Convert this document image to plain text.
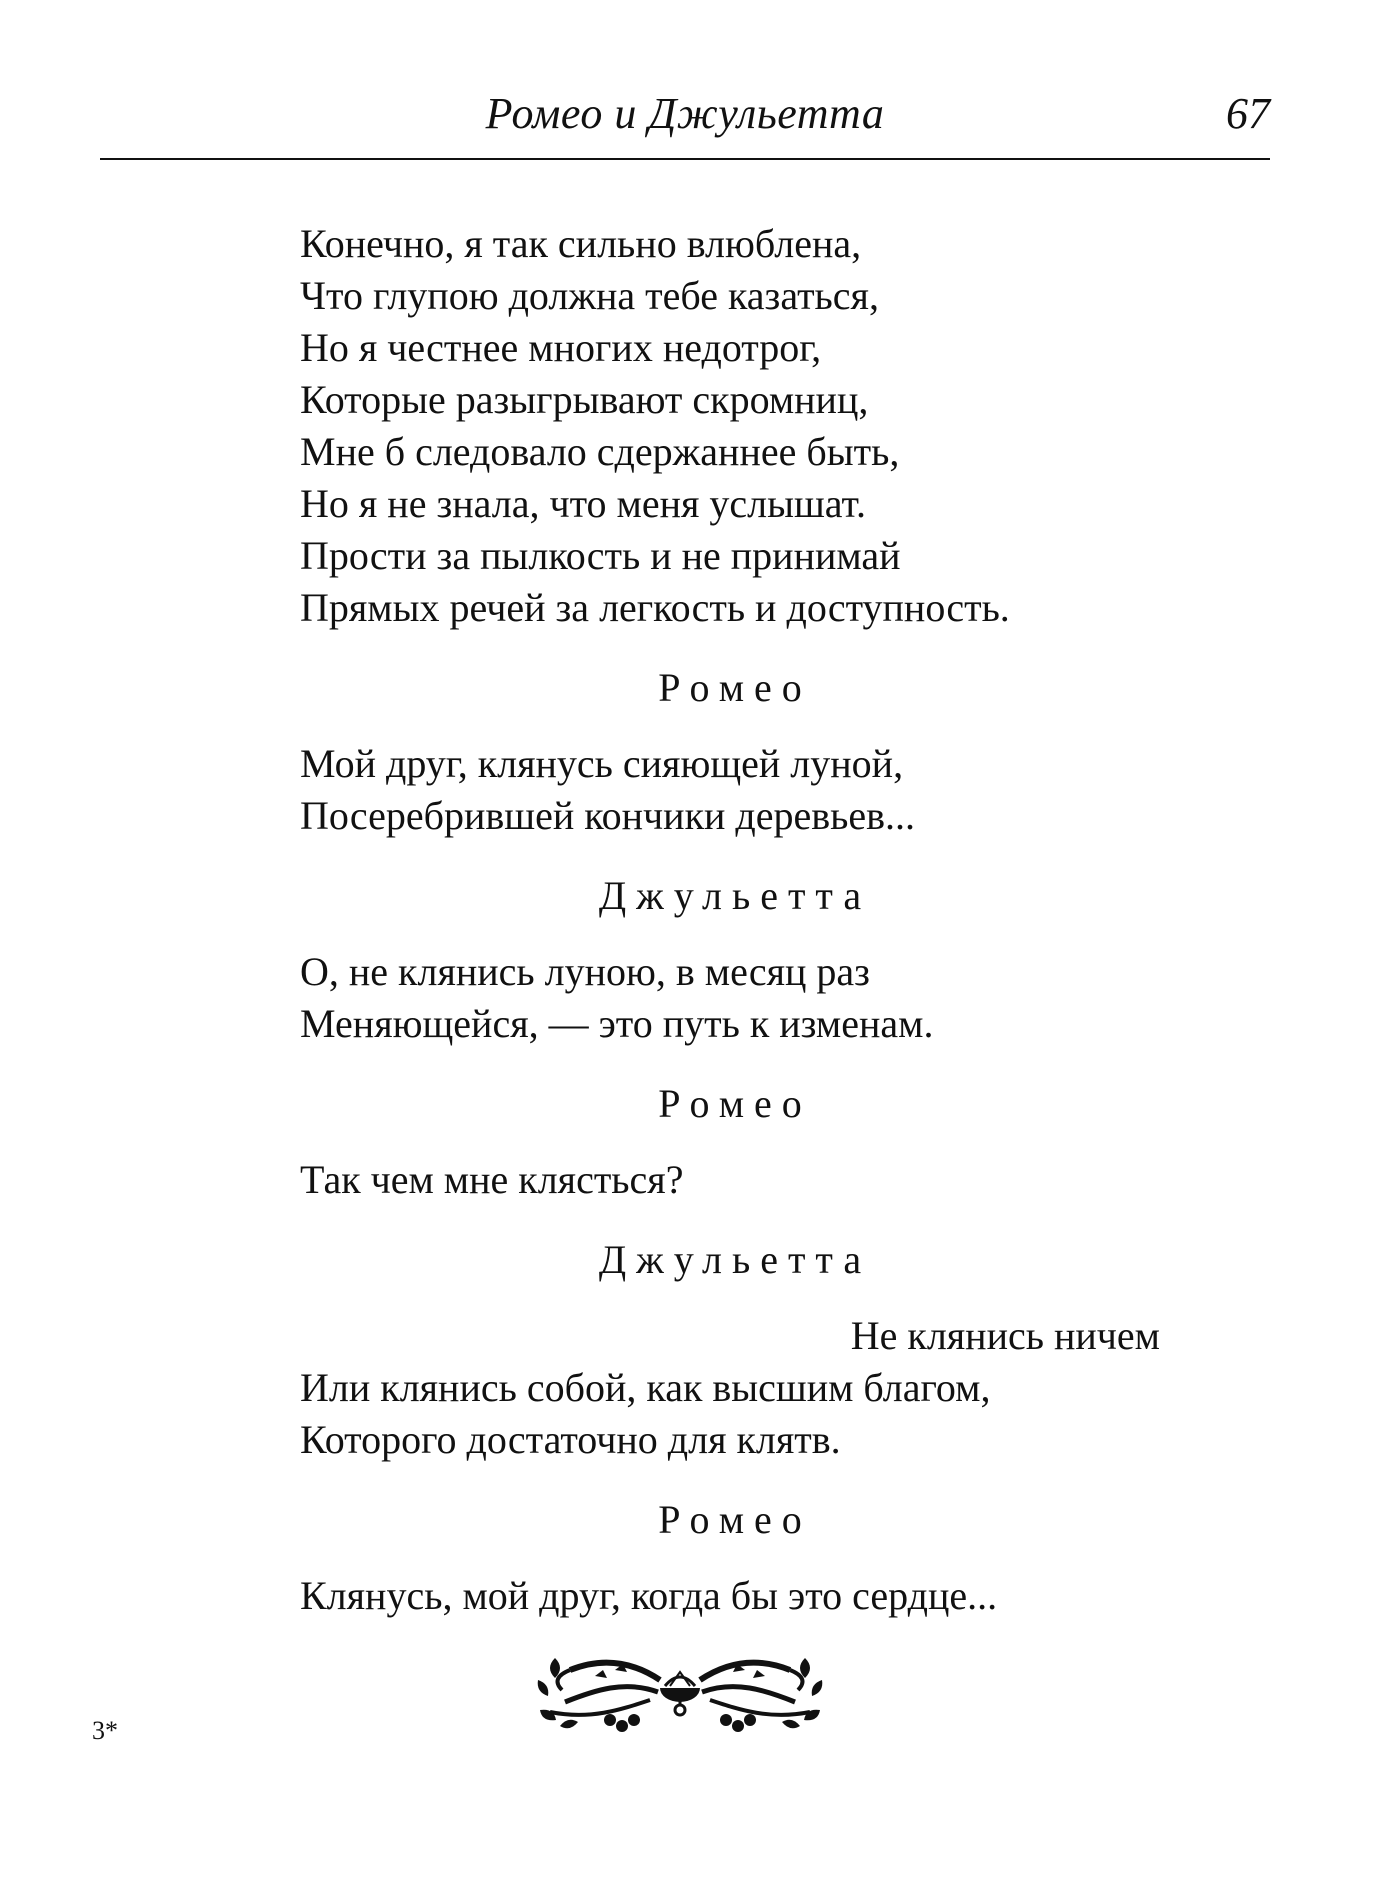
Ромео и Джульетта	67
Конечно, я так сильно влюблена,
Что глупою должна тебе казаться,
Но я честнее многих недотрог,
Которые разыгрывают скромниц,
Мне б следовало сдержаннее быть,
Но я не знала, что меня услышат.
Прости за пылкость и не принимай
Прямых речей за легкость и доступность.
Ромео
Мой друг, клянусь сияющей луной,
Посеребрившей кончики деревьев...
Джульетта
О, не клянись луною, в месяц раз
Меняющейся, — это путь к изменам.
Ромео
Так чем мне клясться?
Джульетта
Не клянись ничем
Или клянись собой, как высшим благом,
Которого достаточно для клятв.
Ромео
Клянусь, мой друг, когда бы это сердце...
3*
